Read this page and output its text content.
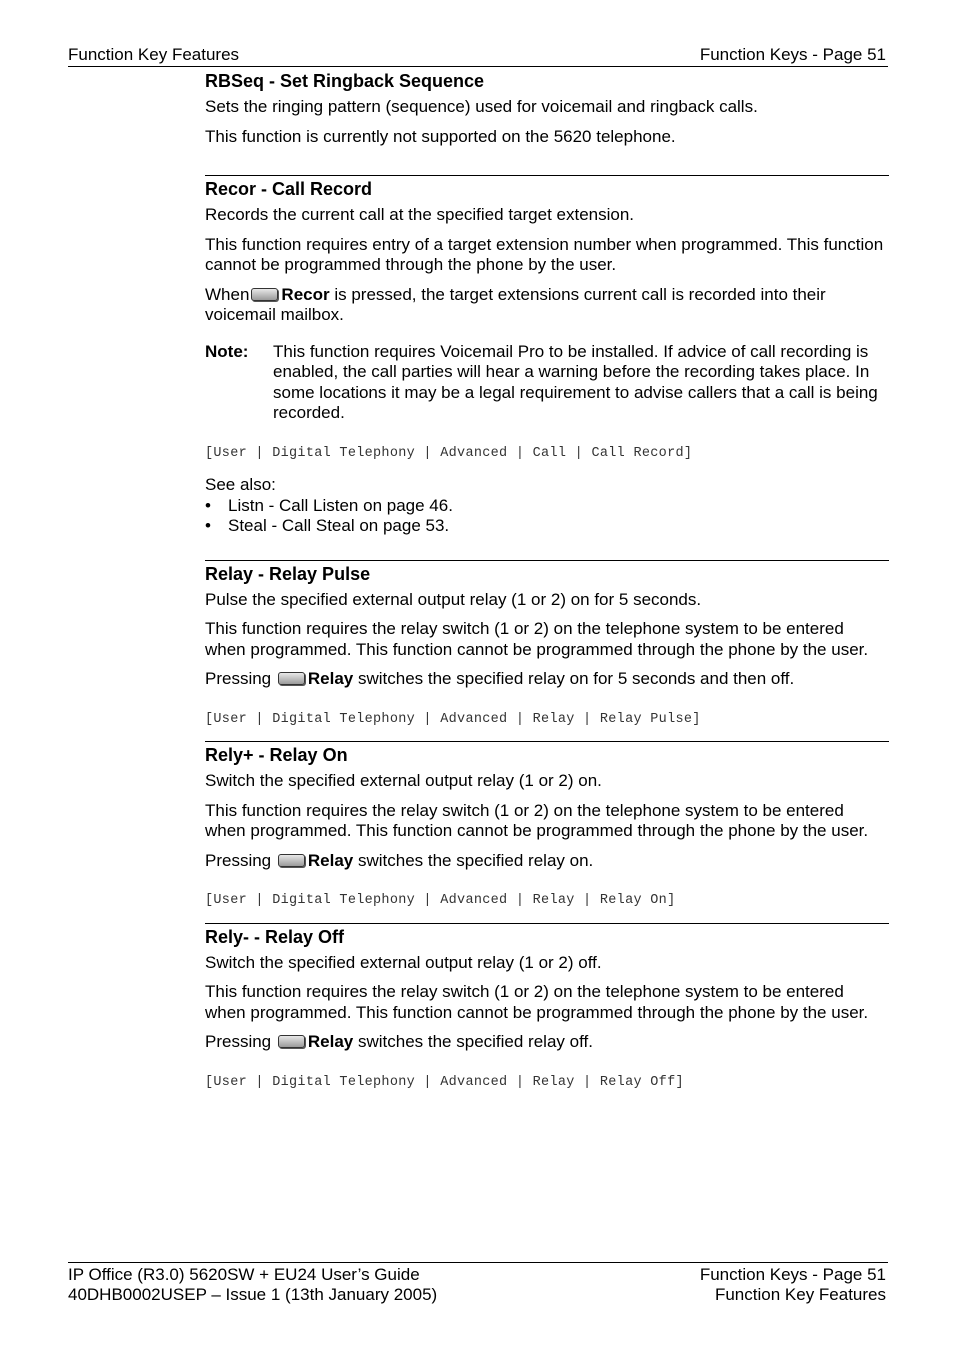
Function Key Features	Function Keys - Page 51
RBSeq - Set Ringback Sequence

Sets the ringing pattern (sequence) used for voicemail and ringback calls.

This function is currently not supported on the 5620 telephone.

Recor - Call Record

Records the current call at the specified target extension.

This function requires entry of a target extension number when programmed. This function cannot be programmed through the phone by the user.

When Recor is pressed, the target extensions current call is recorded into their voicemail mailbox.

Note:	This function requires Voicemail Pro to be installed. If advice of call recording is enabled, the call parties will hear a warning before the recording takes place. In some locations it may be a legal requirement to advise callers that a call is being recorded.
[User | Digital Telephony | Advanced | Call | Call Record]
See also:
• Listn - Call Listen on page 46.
• Steal - Call Steal on page 53.
Relay - Relay Pulse

Pulse the specified external output relay (1 or 2) on for 5 seconds.

This function requires the relay switch (1 or 2) on the telephone system to be entered when programmed. This function cannot be programmed through the phone by the user.

Pressing Relay switches the specified relay on for 5 seconds and then off.

[User | Digital Telephony | Advanced | Relay | Relay Pulse]
Rely+ - Relay On

Switch the specified external output relay (1 or 2) on.

This function requires the relay switch (1 or 2) on the telephone system to be entered when programmed. This function cannot be programmed through the phone by the user.

Pressing Relay switches the specified relay on.

[User | Digital Telephony | Advanced | Relay | Relay On]
Rely- - Relay Off

Switch the specified external output relay (1 or 2) off.

This function requires the relay switch (1 or 2) on the telephone system to be entered when programmed. This function cannot be programmed through the phone by the user.

Pressing Relay switches the specified relay off.

[User | Digital Telephony | Advanced | Relay | Relay Off]
IP Office (R3.0) 5620SW + EU24 User’s Guide	Function Keys - Page 51
40DHB0002USEP – Issue 1 (13th January 2005)	Function Key Features
